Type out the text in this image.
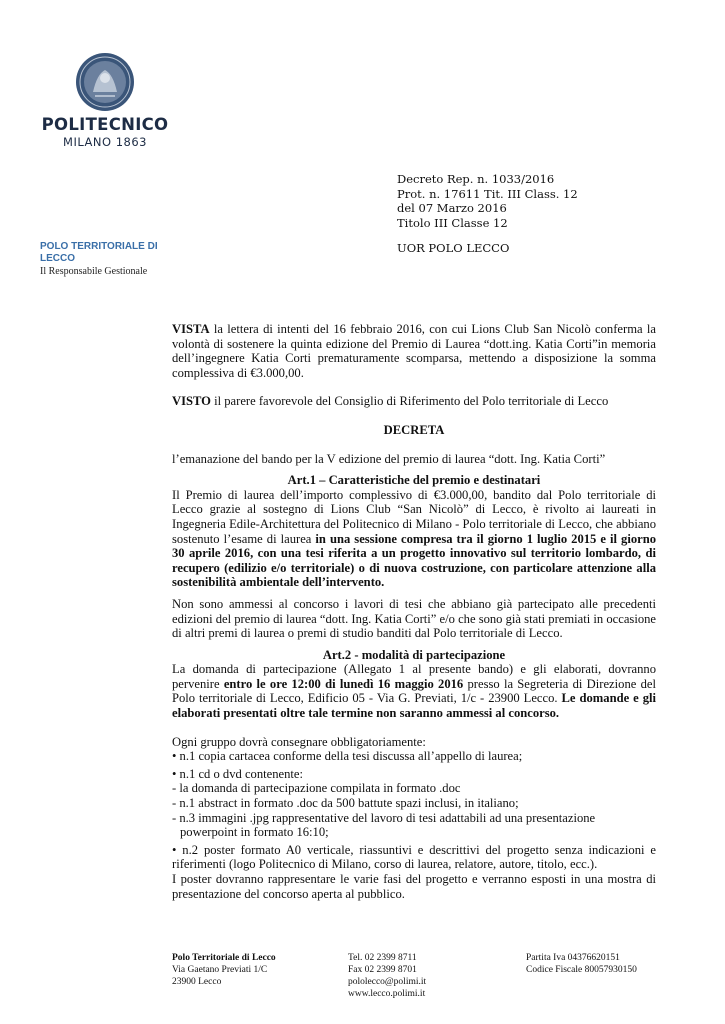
POLITECNICO
MILANO 1863
Decreto Rep. n. 1033/2016
Prot. n. 17611 Tit. III Class. 12
del 07 Marzo 2016
Titolo III Classe 12
UOR POLO LECCO
POLO TERRITORIALE DI
LECCO
Il Responsabile Gestionale

VISTA la lettera di intenti del 16 febbraio 2016, con cui Lions Club San Nicolò conferma la volontà di sostenere la quinta edizione del Premio di Laurea “dott.ing. Katia Corti”in memoria dell’ingegnere Katia Corti prematuramente scomparsa, mettendo a disposizione la somma complessiva di €3.000,00.

VISTO il parere favorevole del Consiglio di Riferimento del Polo territoriale di Lecco

DECRETA

l’emanazione del bando per la V edizione del premio di laurea “dott. Ing. Katia Corti”

Art.1 – Caratteristiche del premio e destinatari

Il Premio di laurea dell’importo complessivo di €3.000,00, bandito dal Polo territoriale di Lecco grazie al sostegno di Lions Club “San Nicolò” di Lecco, è rivolto ai laureati in Ingegneria Edile-Architettura del Politecnico di Milano - Polo territoriale di Lecco, che abbiano sostenuto l’esame di laurea in una sessione compresa tra il giorno 1 luglio 2015 e il giorno 30 aprile 2016, con una tesi riferita a un progetto innovativo sul territorio lombardo, di recupero (edilizio e/o territoriale) o di nuova costruzione, con particolare attenzione alla sostenibilità ambientale dell’intervento.

Non sono ammessi al concorso i lavori di tesi che abbiano già partecipato alle precedenti edizioni del premio di laurea “dott. Ing. Katia Corti” e/o che sono già stati premiati in occasione di altri premi di laurea o premi di studio banditi dal Polo territoriale di Lecco.

Art.2 - modalità di partecipazione

La domanda di partecipazione (Allegato 1 al presente bando) e gli elaborati, dovranno pervenire entro le ore 12:00 di lunedì 16 maggio 2016 presso la Segreteria di Direzione del Polo territoriale di Lecco, Edificio 05 - Via G. Previati, 1/c - 23900 Lecco. Le domande e gli elaborati presentati oltre tale termine non saranno ammessi al concorso.

Ogni gruppo dovrà consegnare obbligatoriamente:
• n.1 copia cartacea conforme della tesi discussa all’appello di laurea;
• n.1 cd o dvd contenente:
- la domanda di partecipazione compilata in formato .doc
- n.1 abstract in formato .doc da 500 battute spazi inclusi, in italiano;
- n.3 immagini .jpg rappresentative del lavoro di tesi adattabili ad una presentazione
powerpoint in formato 16:10;

• n.2 poster formato A0 verticale, riassuntivi e descrittivi del progetto senza indicazioni e riferimenti (logo Politecnico di Milano, corso di laurea, relatore, autore, titolo, ecc.).

I poster dovranno rappresentare le varie fasi del progetto e verranno esposti in una mostra di presentazione del concorso aperta al pubblico.

Polo Territoriale di Lecco
Via Gaetano Previati 1/C
23900 Lecco
Tel. 02 2399 8711
Fax 02 2399 8701
pololecco@polimi.it
www.lecco.polimi.it
Partita Iva 04376620151
Codice Fiscale 80057930150
